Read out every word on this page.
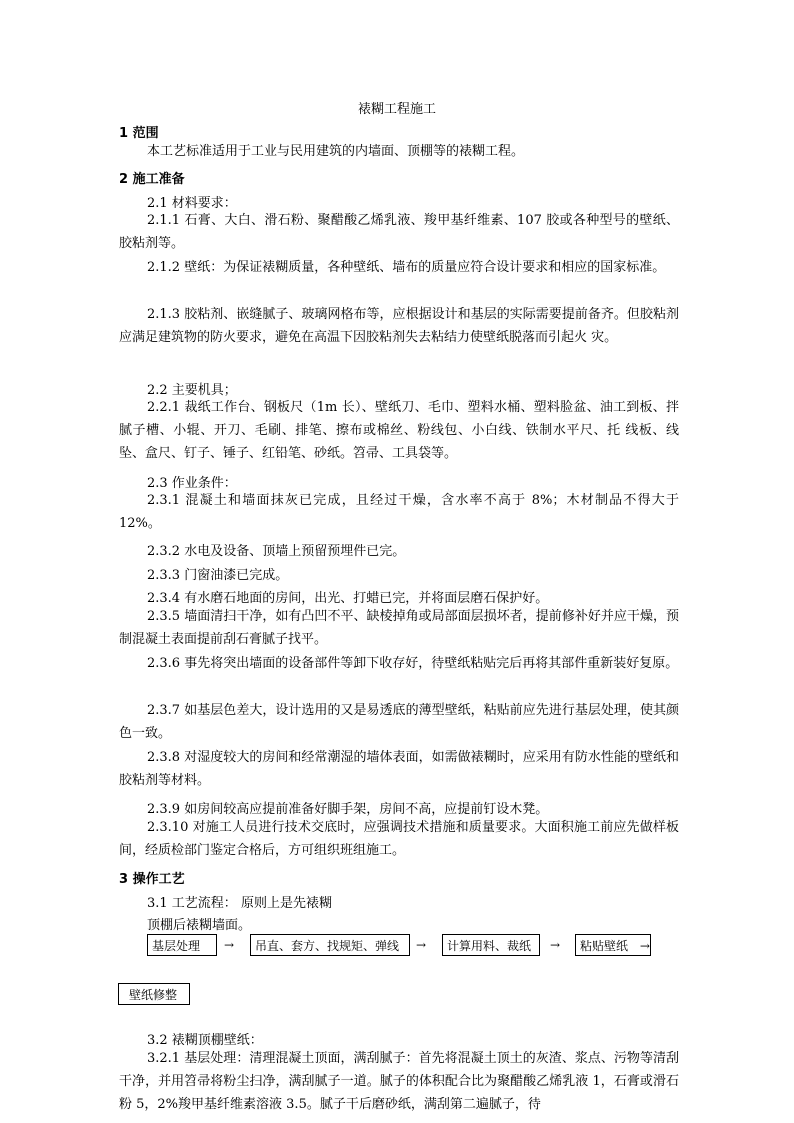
裱糊工程施工
1 范围
本工艺标准适用于工业与民用建筑的内墙面、顶棚等的裱糊工程。
2 施工准备
2.1 材料要求：
2.1.1 石膏、大白、滑石粉、聚醋酸乙烯乳液、羧甲基纤维素、107 胶或各种型号的壁纸、胶粘剂等。
2.1.2 壁纸：为保证裱糊质量，各种壁纸、墙布的质量应符合设计要求和相应的国家标准。
2.1.3 胶粘剂、嵌缝腻子、玻璃网格布等，应根据设计和基层的实际需要提前备齐。但胶粘剂应满足建筑物的防火要求，避免在高温下因胶粘剂失去粘结力使壁纸脱落而引起火 灾。
2.2 主要机具；
2.2.1 裁纸工作台、钢板尺（1m 长）、壁纸刀、毛巾、塑料水桶、塑料脸盆、油工到板、拌腻子槽、小辊、开刀、毛刷、排笔、擦布或棉丝、粉线包、小白线、铁制水平尺、托 线板、线坠、盒尺、钉子、锤子、红铅笔、砂纸。笤帚、工具袋等。
2.3 作业条件：
2.3.1 混凝土和墙面抹灰已完成，且经过干燥，含水率不高于 8%；木材制品不得大于 12%。
2.3.2 水电及设备、顶墙上预留预埋件已完。
2.3.3 门窗油漆已完成。
2.3.4 有水磨石地面的房间，出光、打蜡已完，并将面层磨石保护好。
2.3.5 墙面清扫干净，如有凸凹不平、缺棱掉角或局部面层损坏者，提前修补好并应干燥，预制混凝土表面提前刮石膏腻子找平。
2.3.6 事先将突出墙面的设备部件等卸下收存好，待壁纸粘贴完后再将其部件重新装好复原。
2.3.7 如基层色差大，设计选用的又是易透底的薄型壁纸，粘贴前应先进行基层处理，使其颜色一致。
2.3.8 对湿度较大的房间和经常潮湿的墙体表面，如需做裱糊时，应采用有防水性能的壁纸和胶粘剂等材料。
2.3.9 如房间较高应提前准备好脚手架，房间不高，应提前钉设木凳。
2.3.10 对施工人员进行技术交底时，应强调技术措施和质量要求。大面积施工前应先做样板间，经质检部门鉴定合格后，方可组织班组施工。
3 操作工艺
3.1 工艺流程： 原则上是先裱糊
顶棚后裱糊墙面。
基层处理	→	吊直、套方、找规矩、弹线	→	计算用料、裁纸	→	粘贴壁纸 →
壁纸修整
3.2 裱糊顶棚壁纸：
3.2.1 基层处理：清理混凝土顶面，满刮腻子：首先将混凝土顶土的灰渣、浆点、污物等清刮干净，并用笤帚将粉尘扫净，满刮腻子一道。腻子的体积配合比为聚醋酸乙烯乳液 1，石膏或滑石粉 5，2%羧甲基纤维素溶液 3.5。腻子干后磨砂纸，满刮第二遍腻子，待
